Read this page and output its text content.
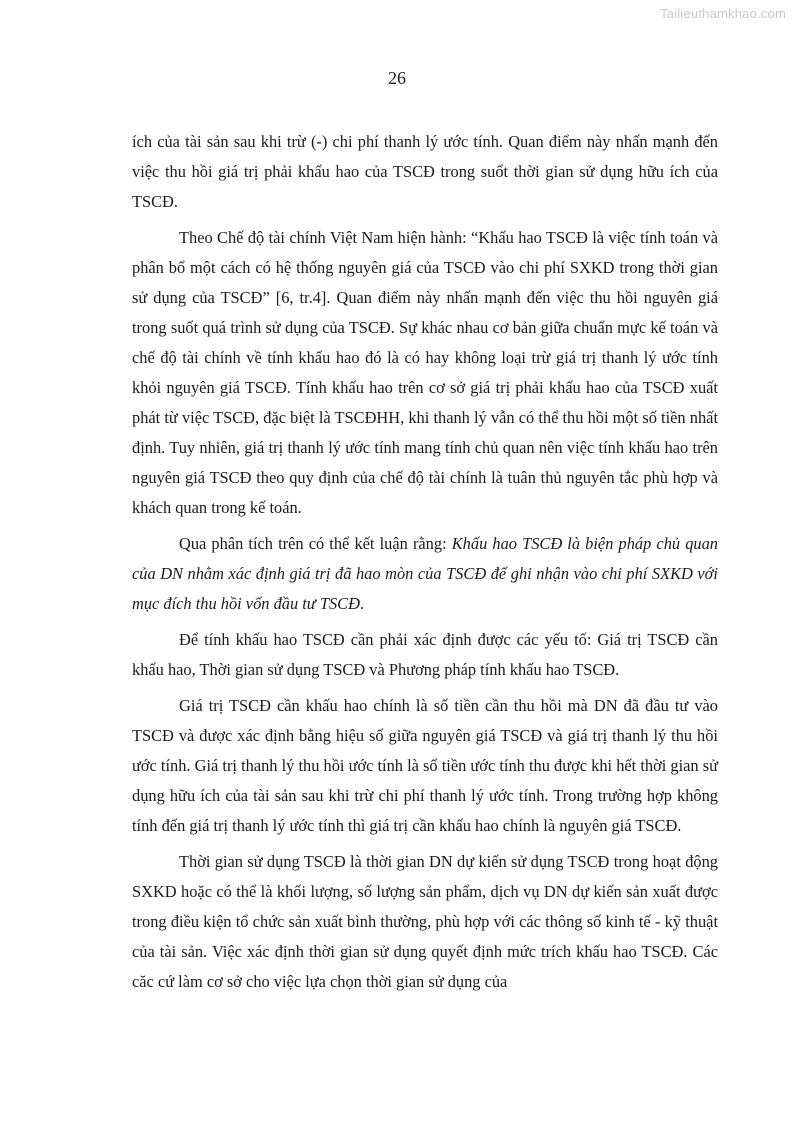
Tailieuthamkhao.com
26

ích của tài sản sau khi trừ (-) chi phí thanh lý ước tính. Quan điểm này nhấn mạnh đến việc thu hồi giá trị phải khấu hao của TSCĐ trong suốt thời gian sử dụng hữu ích của TSCĐ.

Theo Chế độ tài chính Việt Nam hiện hành: “Khấu hao TSCĐ là việc tính toán và phân bổ một cách có hệ thống nguyên giá của TSCĐ vào chi phí SXKD trong thời gian sử dụng của TSCĐ” [6, tr.4]. Quan điểm này nhấn mạnh đến việc thu hồi nguyên giá trong suốt quá trình sử dụng của TSCĐ. Sự khác nhau cơ bản giữa chuẩn mực kế toán và chế độ tài chính về tính khấu hao đó là có hay không loại trừ giá trị thanh lý ước tính khỏi nguyên giá TSCĐ. Tính khấu hao trên cơ sở giá trị phải khấu hao của TSCĐ xuất phát từ việc TSCĐ, đặc biệt là TSCĐHH, khi thanh lý vẫn có thể thu hồi một số tiền nhất định. Tuy nhiên, giá trị thanh lý ước tính mang tính chủ quan nên việc tính khấu hao trên nguyên giá TSCĐ theo quy định của chế độ tài chính là tuân thủ nguyên tắc phù hợp và khách quan trong kế toán.

Qua phân tích trên có thể kết luận rằng: Khấu hao TSCĐ là biện pháp chủ quan của DN nhằm xác định giá trị đã hao mòn của TSCĐ để ghi nhận vào chi phí SXKD với mục đích thu hồi vốn đầu tư TSCĐ.

Để tính khấu hao TSCĐ cần phải xác định được các yếu tố: Giá trị TSCĐ cần khấu hao, Thời gian sử dụng TSCĐ và Phương pháp tính khấu hao TSCĐ.

Giá trị TSCĐ cần khấu hao chính là số tiền cần thu hồi mà DN đã đầu tư vào TSCĐ và được xác định bằng hiệu số giữa nguyên giá TSCĐ và giá trị thanh lý thu hồi ước tính. Giá trị thanh lý thu hồi ước tính là số tiền ước tính thu được khi hết thời gian sử dụng hữu ích của tài sản sau khi trừ chi phí thanh lý ước tính. Trong trường hợp không tính đến giá trị thanh lý ước tính thì giá trị cần khấu hao chính là nguyên giá TSCĐ.

Thời gian sử dụng TSCĐ là thời gian DN dự kiến sử dụng TSCĐ trong hoạt động SXKD hoặc có thể là khối lượng, số lượng sản phẩm, dịch vụ DN dự kiến sản xuất được trong điều kiện tổ chức sản xuất bình thường, phù hợp với các thông số kinh tế - kỹ thuật của tài sản. Việc xác định thời gian sử dụng quyết định mức trích khấu hao TSCĐ. Các căc cứ làm cơ sở cho việc lựa chọn thời gian sử dụng của
